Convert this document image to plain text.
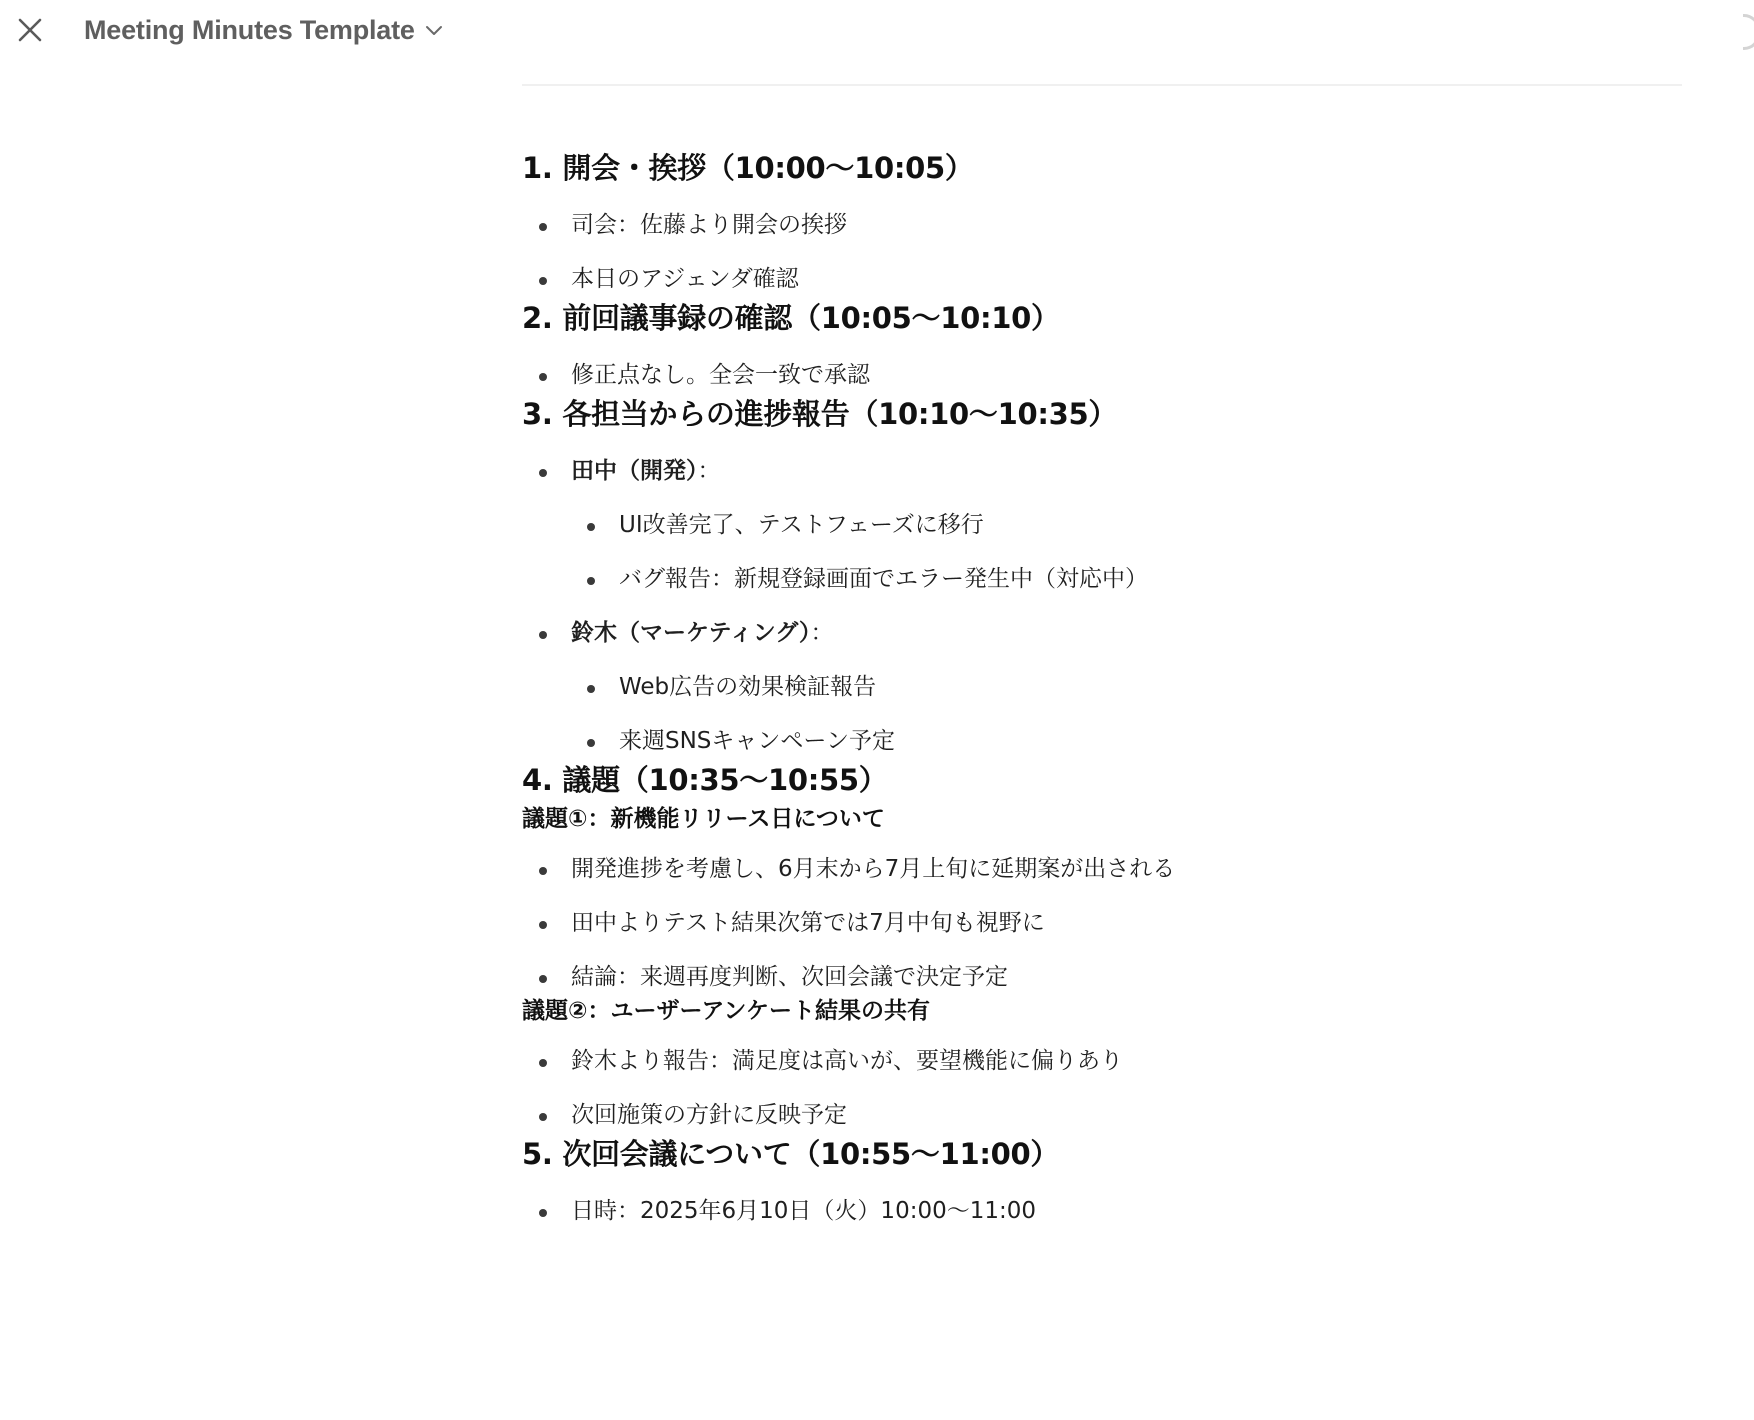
Meeting Minutes Template
1. 開会・挨拶（10:00〜10:05）
司会：佐藤より開会の挨拶
本日のアジェンダ確認
2. 前回議事録の確認（10:05〜10:10）
修正点なし。全会一致で承認
3. 各担当からの進捗報告（10:10〜10:35）
田中（開発）：
UI改善完了、テストフェーズに移行
バグ報告：新規登録画面でエラー発生中（対応中）
鈴木（マーケティング）：
Web広告の効果検証報告
来週SNSキャンペーン予定
4. 議題（10:35〜10:55）
議題①：新機能リリース日について
開発進捗を考慮し、6月末から7月上旬に延期案が出される
田中よりテスト結果次第では7月中旬も視野に
結論：来週再度判断、次回会議で決定予定
議題②：ユーザーアンケート結果の共有
鈴木より報告：満足度は高いが、要望機能に偏りあり
次回施策の方針に反映予定
5. 次回会議について（10:55〜11:00）
日時：2025年6月10日（火）10:00〜11:00
